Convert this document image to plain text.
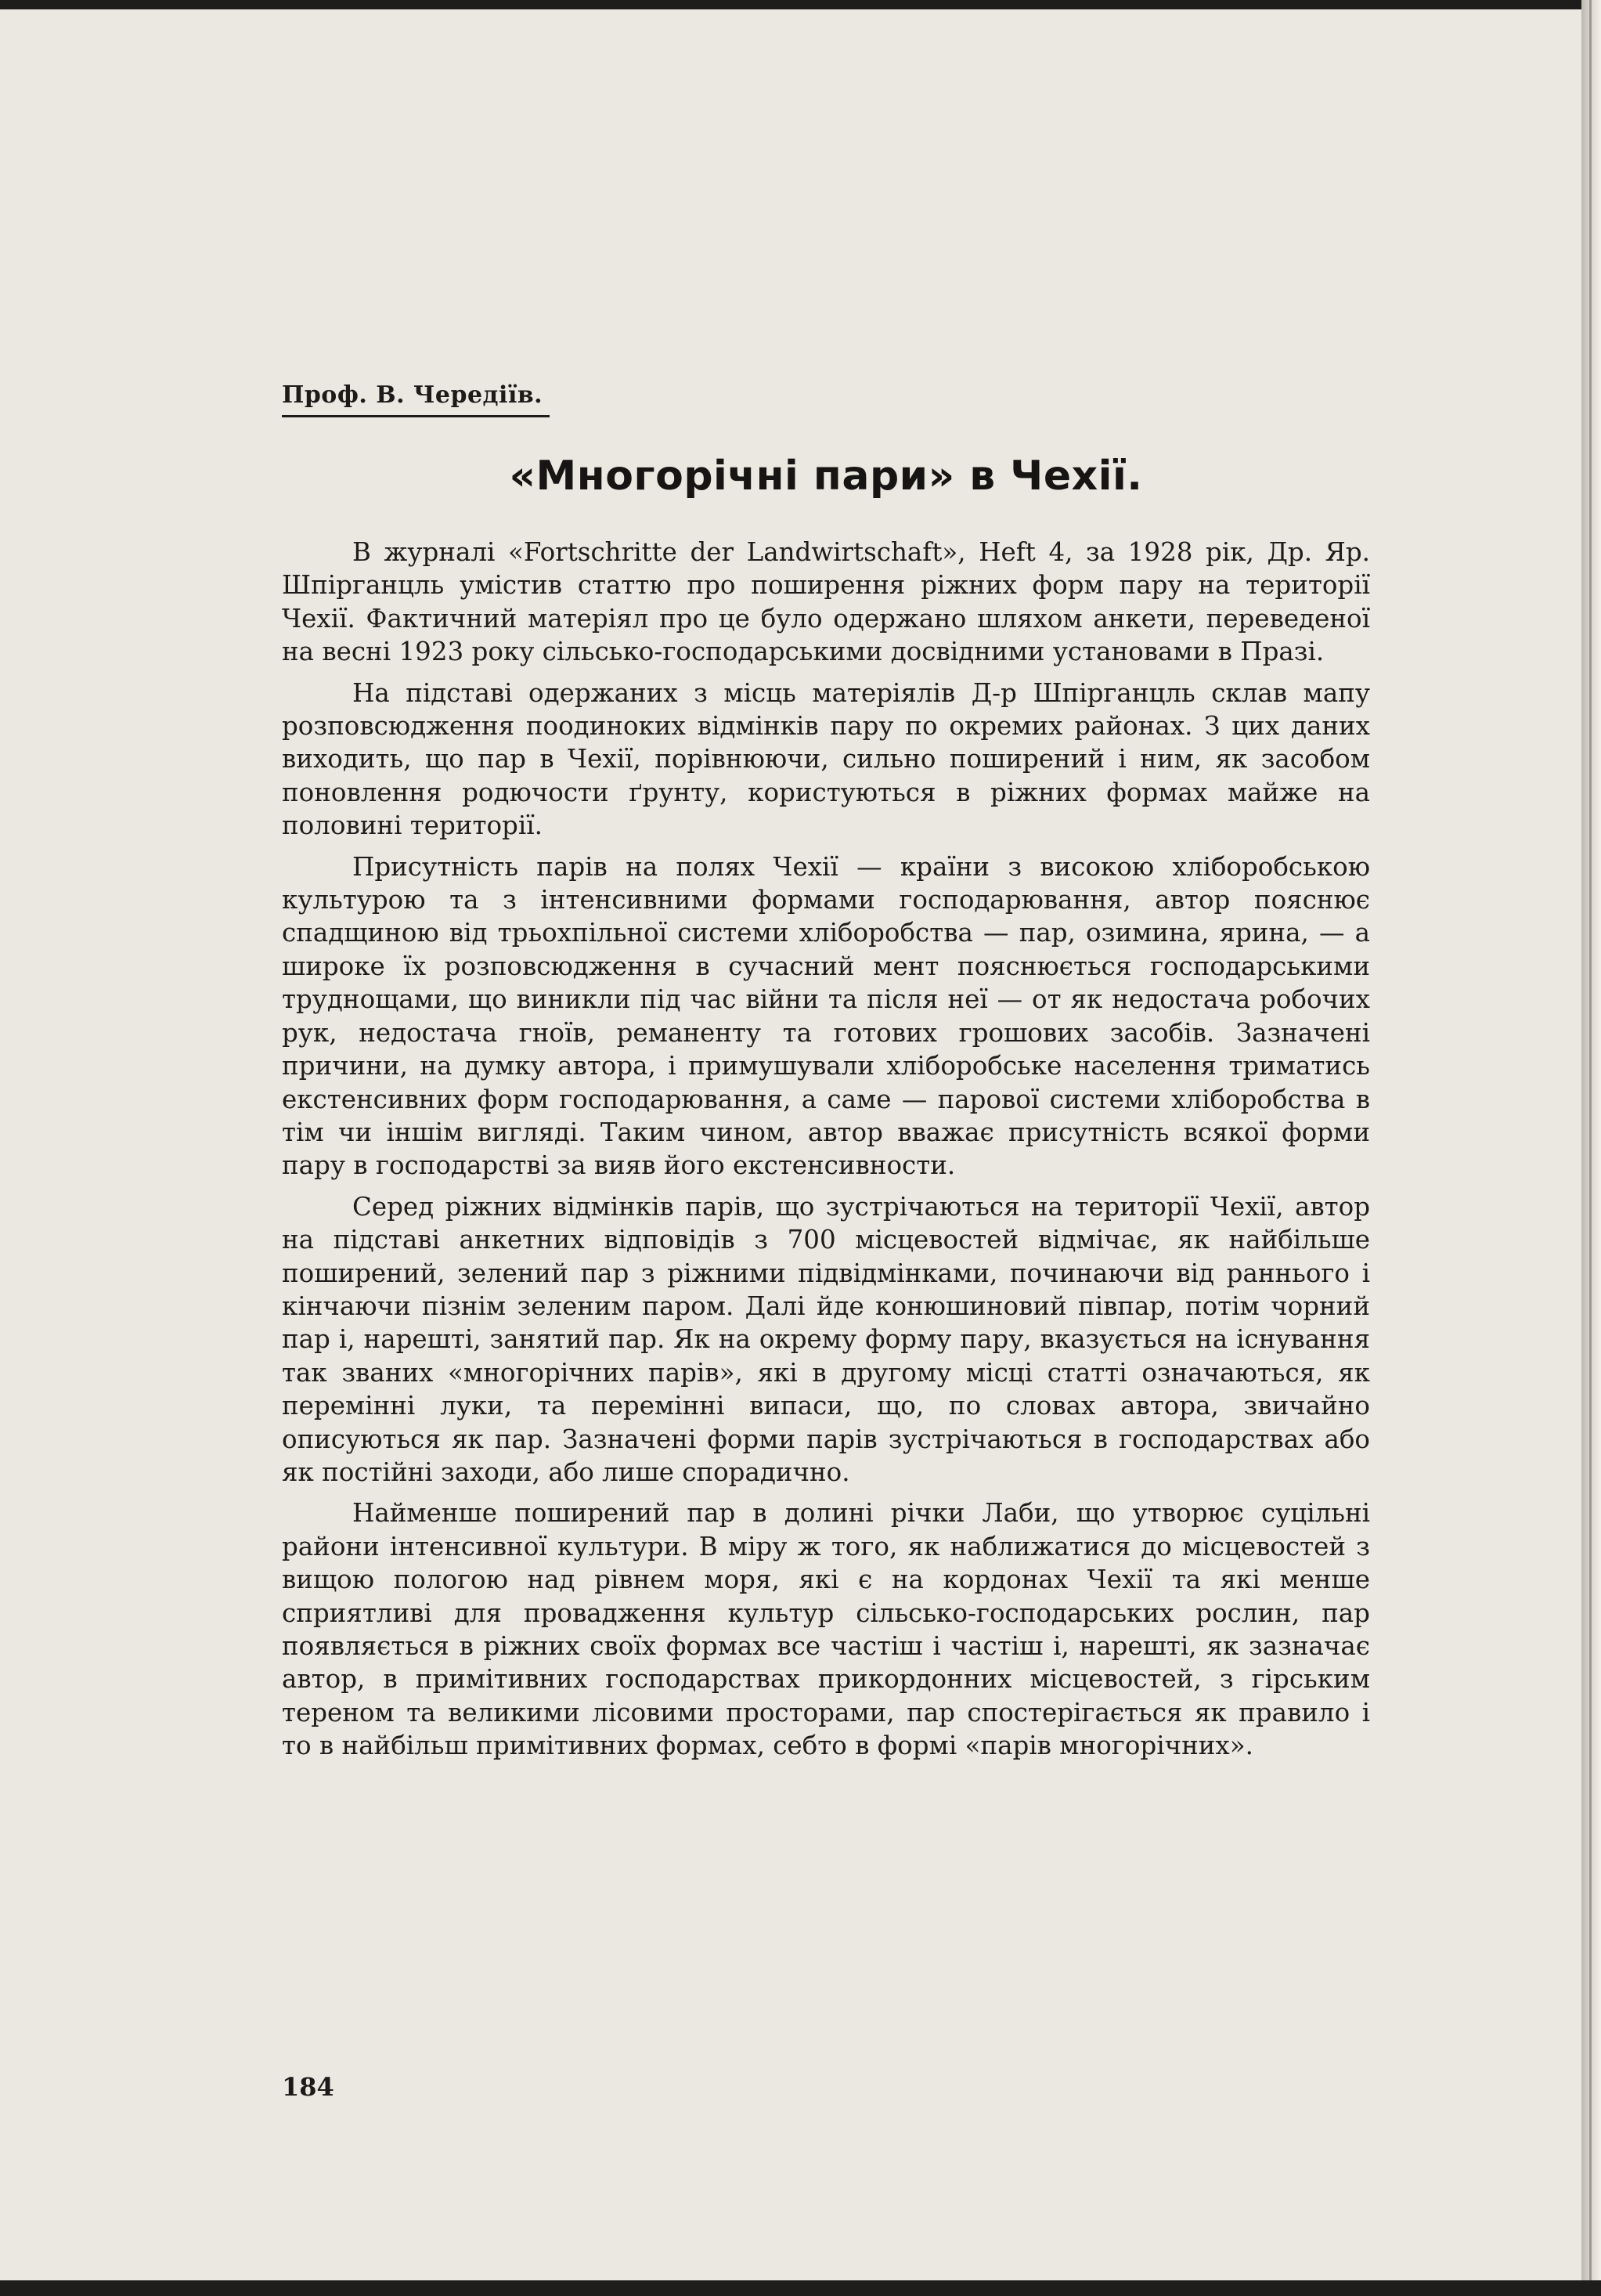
Проф. В. Чередіїв.
«Многорічні пари» в Чехії.

В журналі «Fortschritte der Landwirtschaft», Heft 4, за 1928 рік, Др. Яр. Шпірганцль умістив статтю про поширення ріжних форм пару на території Чехії. Фактичний матеріял про це було одержано шляхом анкети, переведеної на весні 1923 року сільсько-господарськими досвідними установами в Празі.

На підставі одержаних з місць матеріялів Д-р Шпірганцль склав мапу розповсюдження поодиноких відмінків пару по окремих районах. З цих даних виходить, що пар в Чехії, порівнюючи, сильно поширений і ним, як засобом поновлення родючости ґрунту, користуються в ріжних формах майже на половині території.

Присутність парів на полях Чехії — країни з високою хліборобською культурою та з інтенсивними формами господарювання, автор пояснює спадщиною від трьохпільної системи хліборобства — пар, озимина, ярина, — а широке їх розповсюдження в сучасний мент пояснюється господарськими труднощами, що виникли під час війни та після неї — от як недостача робочих рук, недостача гноїв, реманенту та готових грошових засобів. Зазначені причини, на думку автора, і примушували хліборобське населення триматись екстенсивних форм господарювання, а саме — парової системи хліборобства в тім чи іншім вигляді. Таким чином, автор вважає присутність всякої форми пару в господарстві за вияв його екстенсивности.

Серед ріжних відмінків парів, що зустрічаються на території Чехії, автор на підставі анкетних відповідів з 700 місцевостей відмічає, як найбільше поширений, зелений пар з ріжними підвідмінками, починаючи від раннього і кінчаючи пізнім зеленим паром. Далі йде конюшиновий півпар, потім чорний пар і, нарешті, занятий пар. Як на окрему форму пару, вказується на існування так званих «многорічних парів», які в другому місці статті означаються, як перемінні луки, та перемінні випаси, що, по словах автора, звичайно описуються як пар. Зазначені форми парів зустрічаються в господарствах або як постійні заходи, або лише спорадично.

Найменше поширений пар в долині річки Лаби, що утворює суцільні райони інтенсивної культури. В міру ж того, як наближатися до місцевостей з вищою пологою над рівнем моря, які є на кордонах Чехії та які менше сприятливі для провадження культур сільсько-господарських рослин, пар появляється в ріжних своїх формах все частіш і частіш і, нарешті, як зазначає автор, в примітивних господарствах прикордонних місцевостей, з гірським тереном та великими лісовими просторами, пар спостерігається як правило і то в найбільш примітивних формах, себто в формі «парів многорічних».

184
